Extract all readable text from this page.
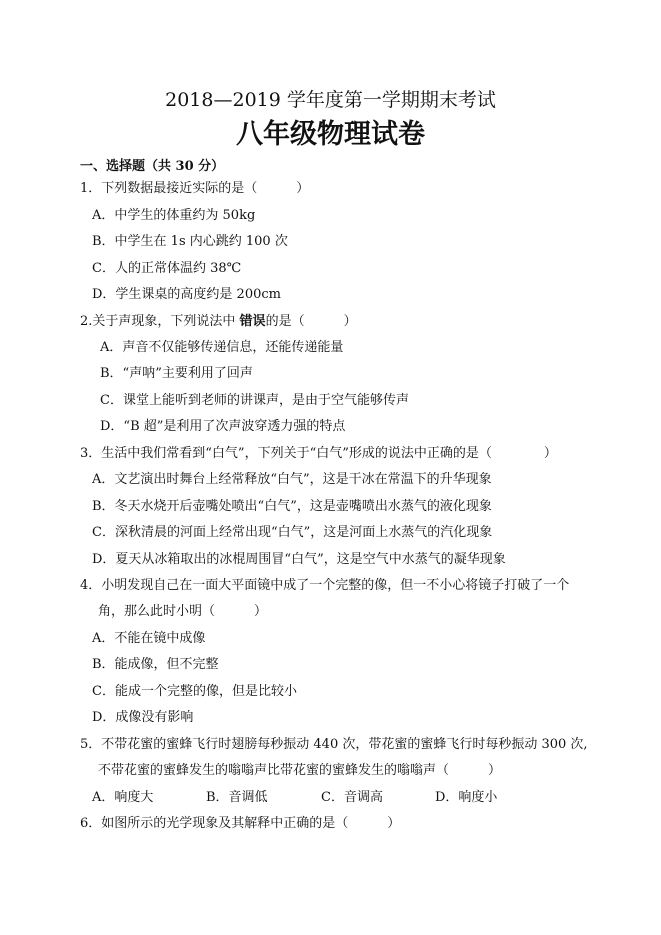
2018—2019 学年度第一学期期末考试
八年级物理试卷
一、选择题（共 30 分）
1．下列数据最接近实际的是（　　　）
A．中学生的体重约为 50kg
B．中学生在 1s 内心跳约 100 次
C．人的正常体温约 38℃
D．学生课桌的高度约是 200cm
2.关于声现象，下列说法中 错误的是（　　　）
A．声音不仅能够传递信息，还能传递能量
B．“声呐”主要利用了回声
C．课堂上能听到老师的讲课声，是由于空气能够传声
D．“B 超”是利用了次声波穿透力强的特点
3．生活中我们常看到“白气”，下列关于“白气”形成的说法中正确的是（　　　　）
A．文艺演出时舞台上经常释放“白气”，这是干冰在常温下的升华现象
B．冬天水烧开后壶嘴处喷出“白气”，这是壶嘴喷出水蒸气的液化现象
C．深秋清晨的河面上经常出现“白气”，这是河面上水蒸气的汽化现象
D．夏天从冰箱取出的冰棍周围冒“白气”，这是空气中水蒸气的凝华现象
4．小明发现自己在一面大平面镜中成了一个完整的像，但一不小心将镜子打破了一个
角，那么此时小明（　　　）
A．不能在镜中成像
B．能成像，但不完整
C．能成一个完整的像，但是比较小
D．成像没有影响
5．不带花蜜的蜜蜂飞行时翅膀每秒振动 440 次，带花蜜的蜜蜂飞行时每秒振动 300 次,
不带花蜜的蜜蜂发生的嗡嗡声比带花蜜的蜜蜂发生的嗡嗡声（　　　）
A．响度大	B．音调低	C．音调高	D．响度小
6．如图所示的光学现象及其解释中正确的是（　　　）
